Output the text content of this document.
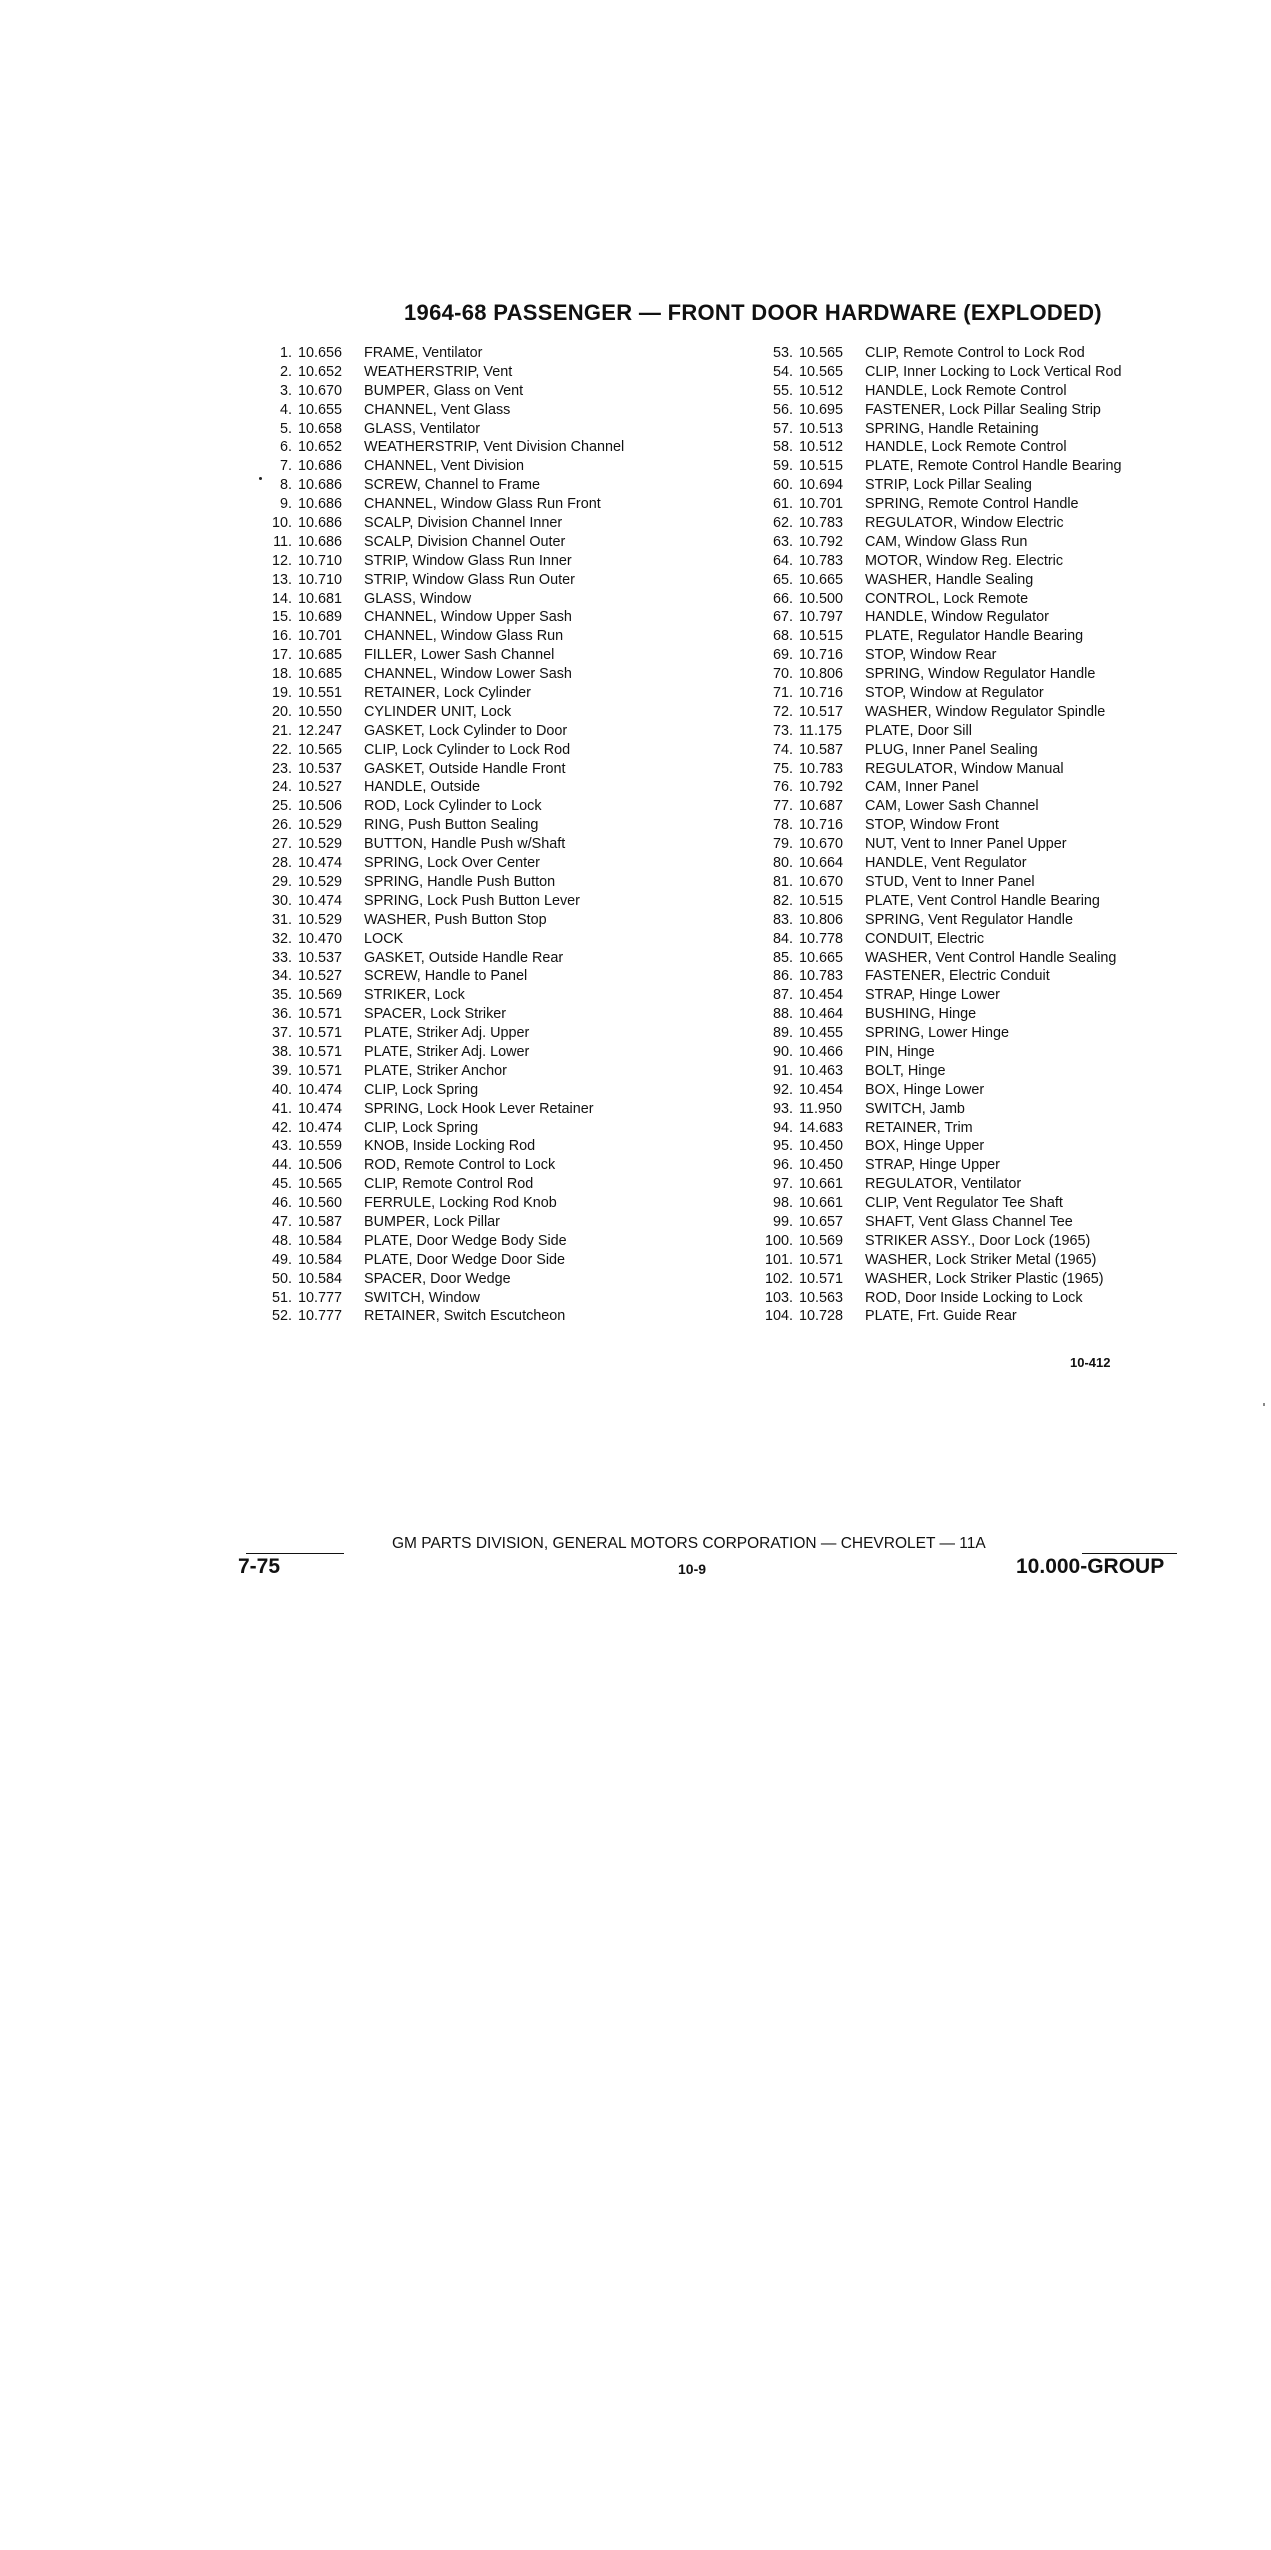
1964-68 PASSENGER — FRONT DOOR HARDWARE (EXPLODED)
1. 10.656	FRAME, Ventilator
2. 10.652	WEATHERSTRIP, Vent
3. 10.670	BUMPER, Glass on Vent
4. 10.655	CHANNEL, Vent Glass
5. 10.658	GLASS, Ventilator
6. 10.652	WEATHERSTRIP, Vent Division Channel
7. 10.686	CHANNEL, Vent Division
8. 10.686	SCREW, Channel to Frame
9. 10.686	CHANNEL, Window Glass Run Front
10. 10.686	SCALP, Division Channel Inner
11. 10.686	SCALP, Division Channel Outer
12. 10.710	STRIP, Window Glass Run Inner
13. 10.710	STRIP, Window Glass Run Outer
14. 10.681	GLASS, Window
15. 10.689	CHANNEL, Window Upper Sash
16. 10.701	CHANNEL, Window Glass Run
17. 10.685	FILLER, Lower Sash Channel
18. 10.685	CHANNEL, Window Lower Sash
19. 10.551	RETAINER, Lock Cylinder
20. 10.550	CYLINDER UNIT, Lock
21. 12.247	GASKET, Lock Cylinder to Door
22. 10.565	CLIP, Lock Cylinder to Lock Rod
23. 10.537	GASKET, Outside Handle Front
24. 10.527	HANDLE, Outside
25. 10.506	ROD, Lock Cylinder to Lock
26. 10.529	RING, Push Button Sealing
27. 10.529	BUTTON, Handle Push w/Shaft
28. 10.474	SPRING, Lock Over Center
29. 10.529	SPRING, Handle Push Button
30. 10.474	SPRING, Lock Push Button Lever
31. 10.529	WASHER, Push Button Stop
32. 10.470	LOCK
33. 10.537	GASKET, Outside Handle Rear
34. 10.527	SCREW, Handle to Panel
35. 10.569	STRIKER, Lock
36. 10.571	SPACER, Lock Striker
37. 10.571	PLATE, Striker Adj. Upper
38. 10.571	PLATE, Striker Adj. Lower
39. 10.571	PLATE, Striker Anchor
40. 10.474	CLIP, Lock Spring
41. 10.474	SPRING, Lock Hook Lever Retainer
42. 10.474	CLIP, Lock Spring
43. 10.559	KNOB, Inside Locking Rod
44. 10.506	ROD, Remote Control to Lock
45. 10.565	CLIP, Remote Control Rod
46. 10.560	FERRULE, Locking Rod Knob
47. 10.587	BUMPER, Lock Pillar
48. 10.584	PLATE, Door Wedge Body Side
49. 10.584	PLATE, Door Wedge Door Side
50. 10.584	SPACER, Door Wedge
51. 10.777	SWITCH, Window
52. 10.777	RETAINER, Switch Escutcheon
53. 10.565	CLIP, Remote Control to Lock Rod
54. 10.565	CLIP, Inner Locking to Lock Vertical Rod
55. 10.512	HANDLE, Lock Remote Control
56. 10.695	FASTENER, Lock Pillar Sealing Strip
57. 10.513	SPRING, Handle Retaining
58. 10.512	HANDLE, Lock Remote Control
59. 10.515	PLATE, Remote Control Handle Bearing
60. 10.694	STRIP, Lock Pillar Sealing
61. 10.701	SPRING, Remote Control Handle
62. 10.783	REGULATOR, Window Electric
63. 10.792	CAM, Window Glass Run
64. 10.783	MOTOR, Window Reg. Electric
65. 10.665	WASHER, Handle Sealing
66. 10.500	CONTROL, Lock Remote
67. 10.797	HANDLE, Window Regulator
68. 10.515	PLATE, Regulator Handle Bearing
69. 10.716	STOP, Window Rear
70. 10.806	SPRING, Window Regulator Handle
71. 10.716	STOP, Window at Regulator
72. 10.517	WASHER, Window Regulator Spindle
73. 11.175	PLATE, Door Sill
74. 10.587	PLUG, Inner Panel Sealing
75. 10.783	REGULATOR, Window Manual
76. 10.792	CAM, Inner Panel
77. 10.687	CAM, Lower Sash Channel
78. 10.716	STOP, Window Front
79. 10.670	NUT, Vent to Inner Panel Upper
80. 10.664	HANDLE, Vent Regulator
81. 10.670	STUD, Vent to Inner Panel
82. 10.515	PLATE, Vent Control Handle Bearing
83. 10.806	SPRING, Vent Regulator Handle
84. 10.778	CONDUIT, Electric
85. 10.665	WASHER, Vent Control Handle Sealing
86. 10.783	FASTENER, Electric Conduit
87. 10.454	STRAP, Hinge Lower
88. 10.464	BUSHING, Hinge
89. 10.455	SPRING, Lower Hinge
90. 10.466	PIN, Hinge
91. 10.463	BOLT, Hinge
92. 10.454	BOX, Hinge Lower
93. 11.950	SWITCH, Jamb
94. 14.683	RETAINER, Trim
95. 10.450	BOX, Hinge Upper
96. 10.450	STRAP, Hinge Upper
97. 10.661	REGULATOR, Ventilator
98. 10.661	CLIP, Vent Regulator Tee Shaft
99. 10.657	SHAFT, Vent Glass Channel Tee
100. 10.569	STRIKER ASSY., Door Lock (1965)
101. 10.571	WASHER, Lock Striker Metal (1965)
102. 10.571	WASHER, Lock Striker Plastic (1965)
103. 10.563	ROD, Door Inside Locking to Lock
104. 10.728	PLATE, Frt. Guide Rear
10-412
GM PARTS DIVISION, GENERAL MOTORS CORPORATION — CHEVROLET — 11A
7-75	10-9	10.000-GROUP
